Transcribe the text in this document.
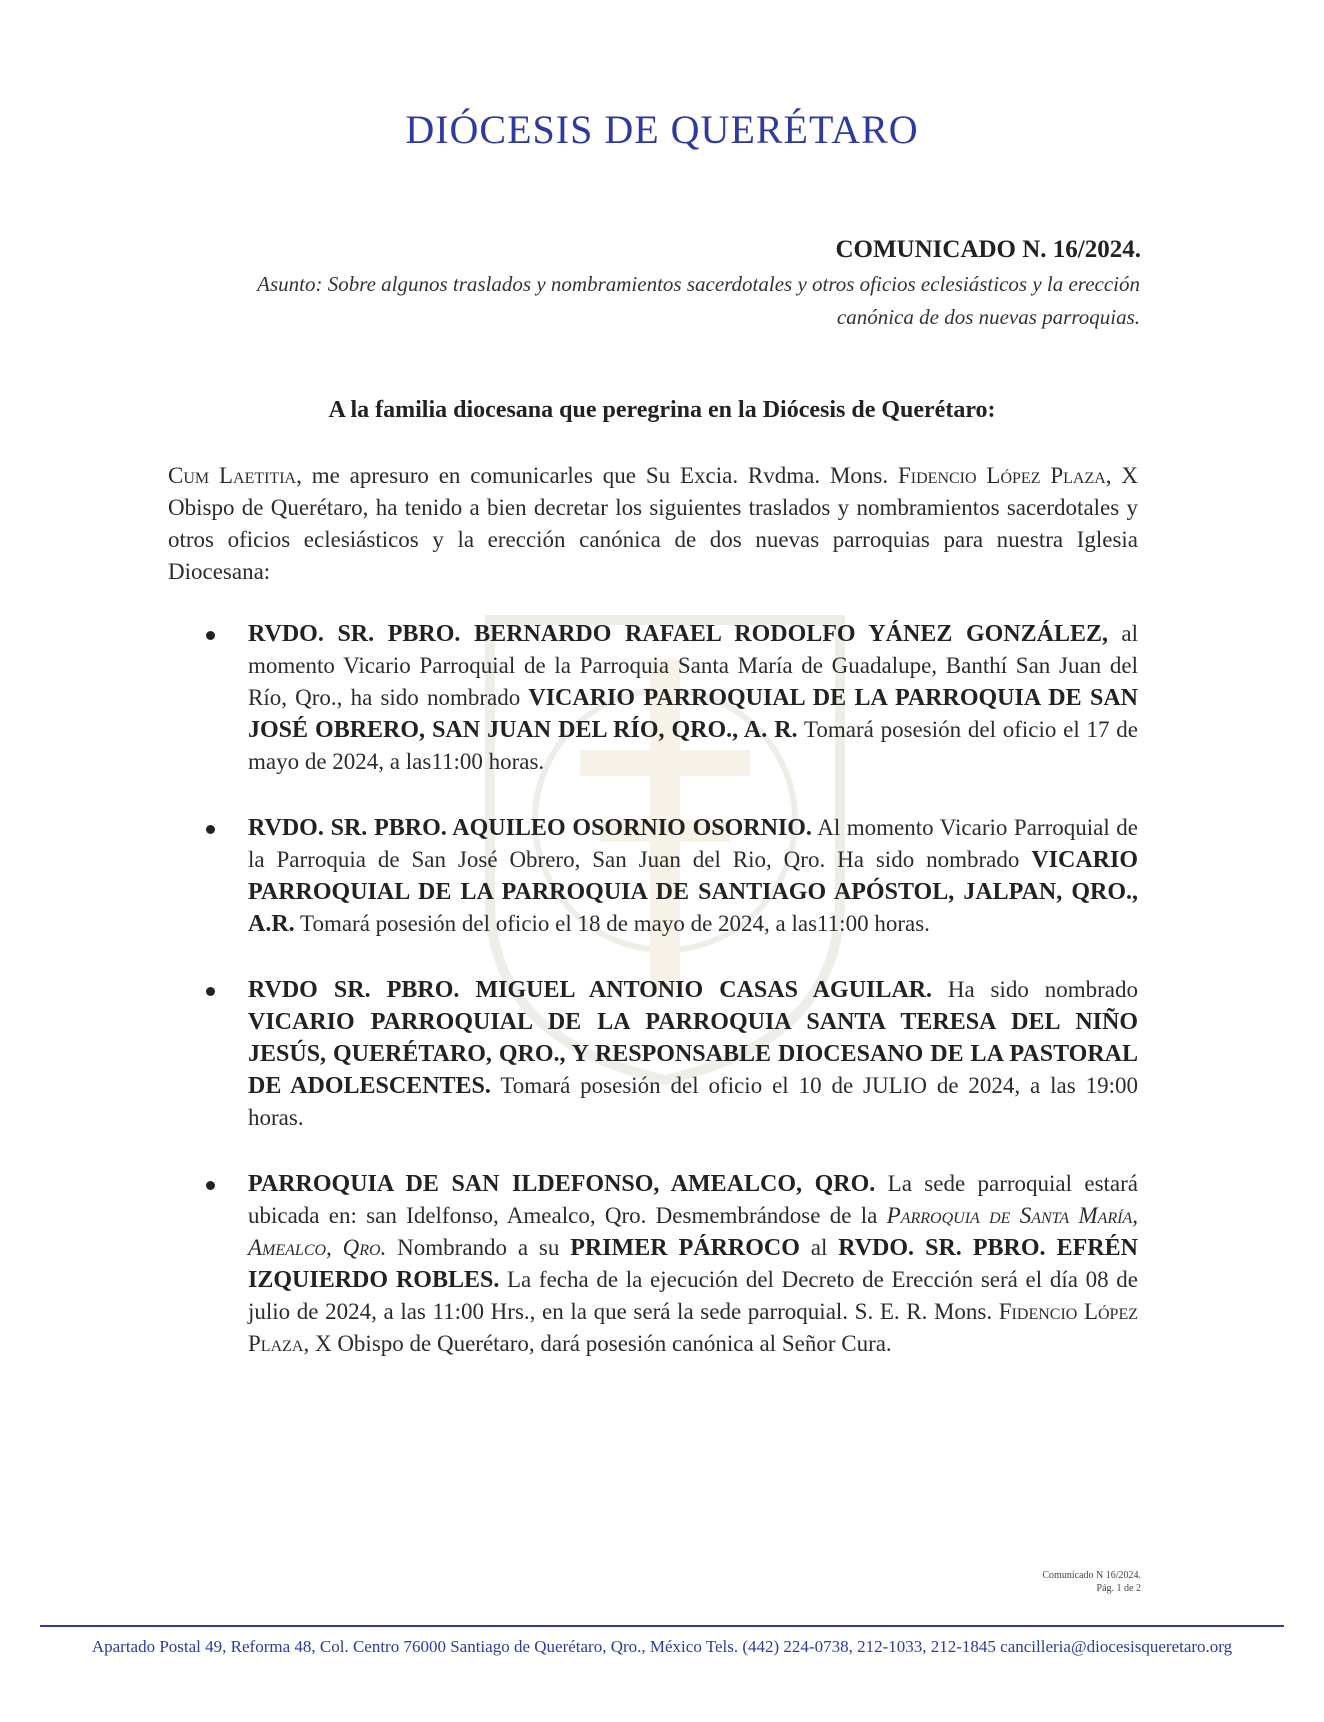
DIÓCESIS DE QUERÉTARO
COMUNICADO N. 16/2024.
Asunto: Sobre algunos traslados y nombramientos sacerdotales y otros oficios eclesiásticos y la erección
canónica de dos nuevas parroquias.
A la familia diocesana que peregrina en la Diócesis de Querétaro:
Cum Laetitia, me apresuro en comunicarles que Su Excia. Rvdma. Mons. Fidencio López Plaza, X Obispo de Querétaro, ha tenido a bien decretar los siguientes traslados y nombramientos sacerdotales y otros oficios eclesiásticos y la erección canónica de dos nuevas parroquias para nuestra Iglesia Diocesana:
RVDO. SR. PBRO. BERNARDO RAFAEL RODOLFO YÁNEZ GONZÁLEZ, al momento Vicario Parroquial de la Parroquia Santa María de Guadalupe, Banthí San Juan del Río, Qro., ha sido nombrado VICARIO PARROQUIAL DE LA PARROQUIA DE SAN JOSÉ OBRERO, SAN JUAN DEL RÍO, QRO., A. R. Tomará posesión del oficio el 17 de mayo de 2024, a las11:00 horas.
RVDO. SR. PBRO. AQUILEO OSORNIO OSORNIO. Al momento Vicario Parroquial de la Parroquia de San José Obrero, San Juan del Rio, Qro. Ha sido nombrado VICARIO PARROQUIAL DE LA PARROQUIA DE SANTIAGO APÓSTOL, JALPAN, QRO., A.R. Tomará posesión del oficio el 18 de mayo de 2024, a las11:00 horas.
RVDO SR. PBRO. MIGUEL ANTONIO CASAS AGUILAR. Ha sido nombrado VICARIO PARROQUIAL DE LA PARROQUIA SANTA TERESA DEL NIÑO JESÚS, QUERÉTARO, QRO., Y RESPONSABLE DIOCESANO DE LA PASTORAL DE ADOLESCENTES. Tomará posesión del oficio el 10 de JULIO de 2024, a las 19:00 horas.
PARROQUIA DE SAN ILDEFONSO, AMEALCO, QRO. La sede parroquial estará ubicada en: san Idelfonso, Amealco, Qro. Desmembrándose de la Parroquia de Santa María, Amealco, Qro. Nombrando a su PRIMER PÁRROCO al RVDO. SR. PBRO. EFRÉN IZQUIERDO ROBLES. La fecha de la ejecución del Decreto de Erección será el día 08 de julio de 2024, a las 11:00 Hrs., en la que será la sede parroquial. S. E. R. Mons. Fidencio López Plaza, X Obispo de Querétaro, dará posesión canónica al Señor Cura.
Comunicado N 16/2024.
Pág. 1 de 2
Apartado Postal 49, Reforma 48, Col. Centro 76000 Santiago de Querétaro, Qro., México Tels. (442) 224-0738, 212-1033, 212-1845 cancilleria@diocesisqueretaro.org
